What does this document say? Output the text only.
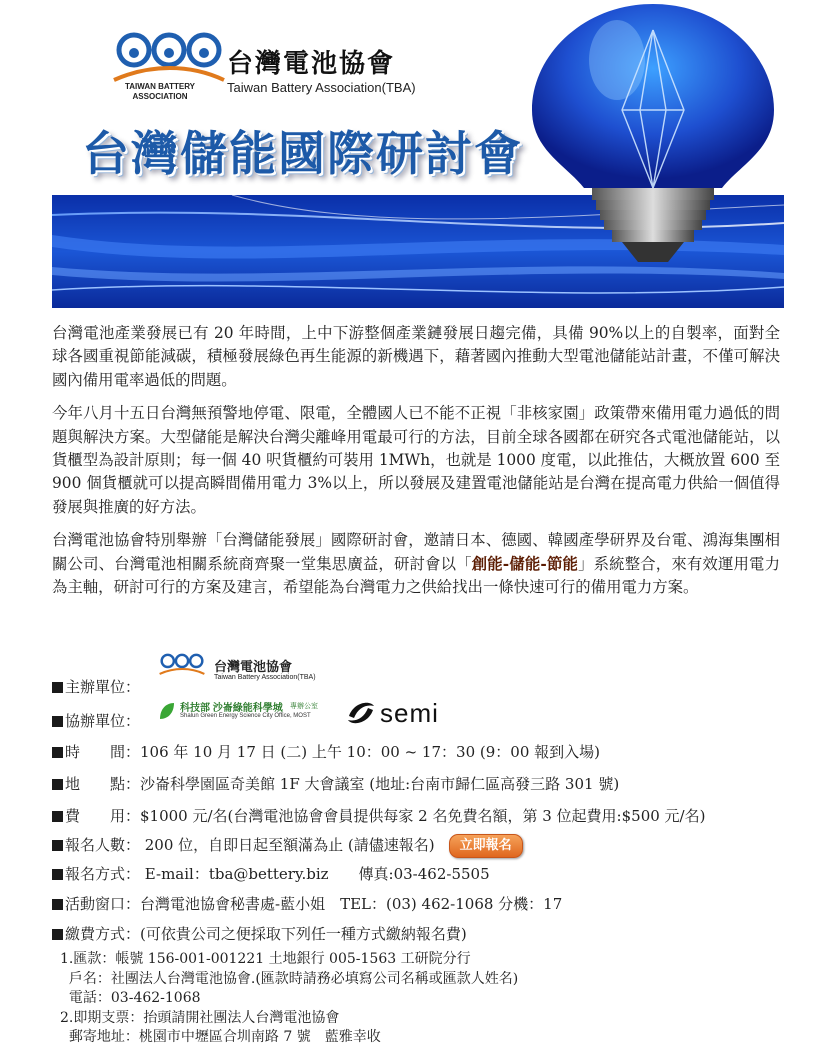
TAIWAN BATTERY ASSOCIATION
台灣電池協會
Taiwan Battery Association(TBA)
台灣儲能國際研討會

台灣電池產業發展已有 20 年時間，上中下游整個產業鏈發展日趨完備，具備 90%以上的自製率，面對全球各國重視節能減碳，積極發展綠色再生能源的新機遇下，藉著國內推動大型電池儲能站計畫，不僅可解決國內備用電率過低的問題。

今年八月十五日台灣無預警地停電、限電，全體國人已不能不正視「非核家園」政策帶來備用電力過低的問題與解決方案。大型儲能是解決台灣尖離峰用電最可行的方法，目前全球各國都在研究各式電池儲能站，以貨櫃型為設計原則；每一個 40 呎貨櫃約可裝用 1MWh，也就是 1000 度電，以此推估，大概放置 600 至 900 個貨櫃就可以提高瞬間備用電力 3%以上，所以發展及建置電池儲能站是台灣在提高電力供給一個值得發展與推廣的好方法。

台灣電池協會特別舉辦「台灣儲能發展」國際研討會，邀請日本、德國、韓國產學研界及台電、鴻海集團相關公司、台灣電池相關系統商齊聚一堂集思廣益，研討會以「創能-儲能-節能」系統整合，來有效運用電力為主軸，研討可行的方案及建言，希望能為台灣電力之供給找出一條快速可行的備用電力方案。

主辦單位：
台灣電池協會
Taiwan Battery Association(TBA)
協辦單位：
科技部 沙崙綠能科學城 專辦公室
Shalun Green Energy Science City Office, MOST	semi
時　　間：106 年 10 月 17 日 (二) 上午 10：00 ~ 17：30 (9：00 報到入場)
地　　點：沙崙科學園區奇美館 1F 大會議室 (地址:台南市歸仁區高發三路 301 號)
費　　用：$1000 元/名(台灣電池協會會員提供每家 2 名免費名額，第 3 位起費用:$500 元/名)
報名人數： 200 位，自即日起至額滿為止 (請儘速報名) 立即報名
報名方式： E-mail：tba@bettery.biz　　傳真:03-462-5505
活動窗口：台灣電池協會秘書處-藍小姐　TEL：(03) 462-1068 分機：17
繳費方式：(可依貴公司之便採取下列任一種方式繳納報名費)
1.匯款：帳號 156-001-001221 土地銀行 005-1563 工研院分行
戶名：社團法人台灣電池協會.(匯款時請務必填寫公司名稱或匯款人姓名)
電話：03-462-1068
2.即期支票：抬頭請開社團法人台灣電池協會
郵寄地址：桃園市中壢區合圳南路 7 號　藍雅幸收
